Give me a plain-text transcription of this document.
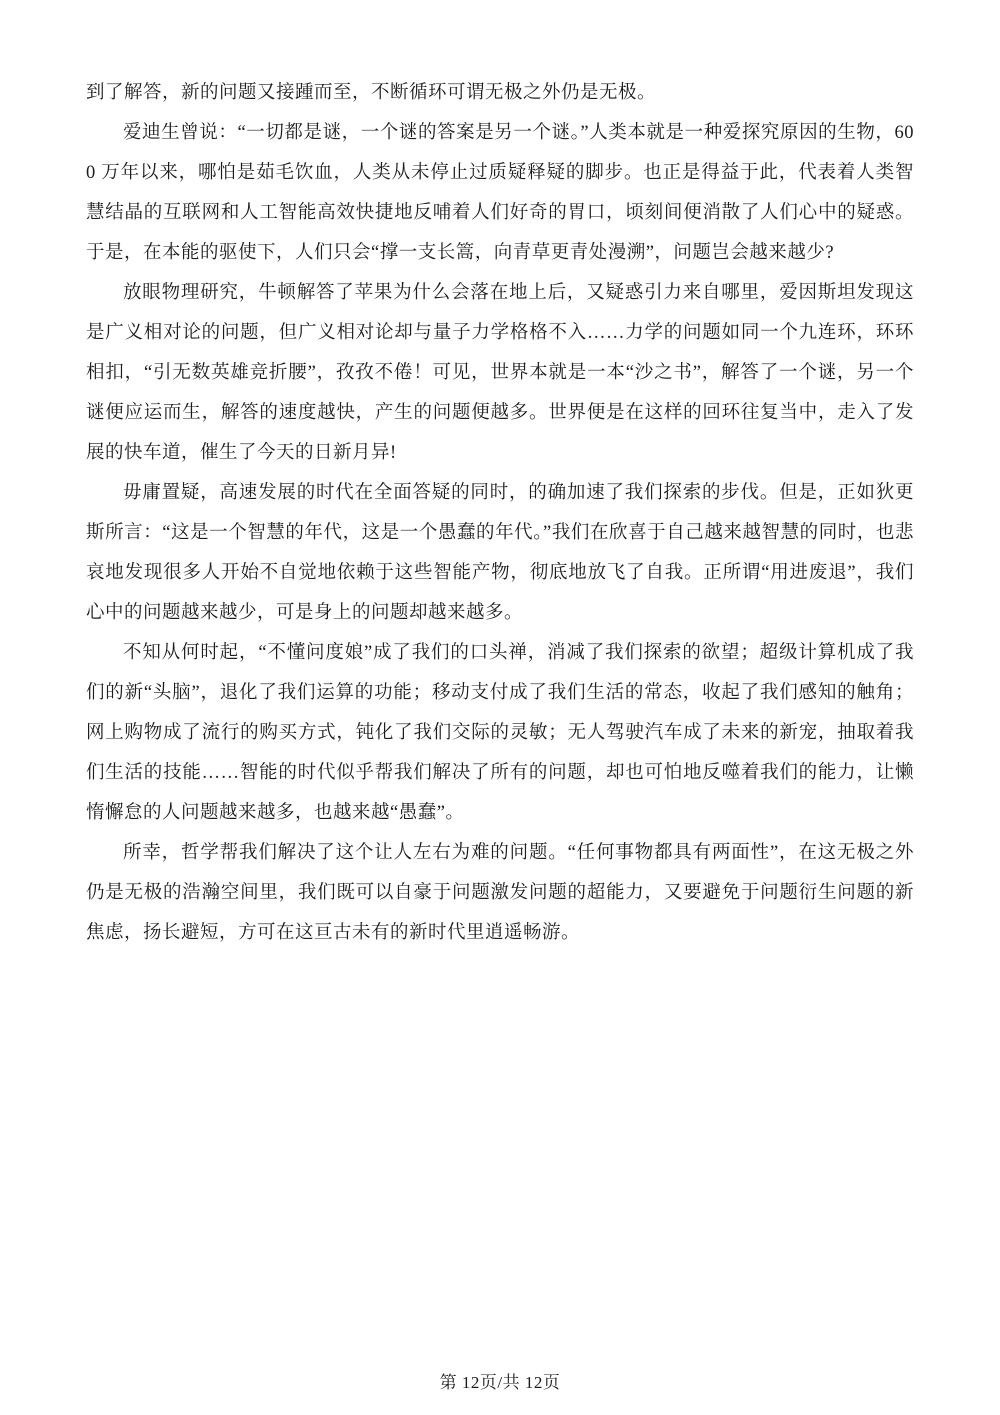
到了解答，新的问题又接踵而至，不断循环可谓无极之外仍是无极。

爱迪生曾说：“一切都是谜，一个谜的答案是另一个谜。”人类本就是一种爱探究原因的生物，600 万年以来，哪怕是茹毛饮血，人类从未停止过质疑释疑的脚步。也正是得益于此，代表着人类智慧结晶的互联网和人工智能高效快捷地反哺着人们好奇的胃口，顷刻间便消散了人们心中的疑惑。于是，在本能的驱使下，人们只会“撑一支长篙，向青草更青处漫溯”，问题岂会越来越少?

放眼物理研究，牛顿解答了苹果为什么会落在地上后，又疑惑引力来自哪里，爱因斯坦发现这是广义相对论的问题，但广义相对论却与量子力学格格不入……力学的问题如同一个九连环，环环相扣，“引无数英雄竞折腰”，孜孜不倦！可见，世界本就是一本“沙之书”，解答了一个谜，另一个谜便应运而生，解答的速度越快，产生的问题便越多。世界便是在这样的回环往复当中，走入了发展的快车道，催生了今天的日新月异!

毋庸置疑，高速发展的时代在全面答疑的同时，的确加速了我们探索的步伐。但是，正如狄更斯所言：“这是一个智慧的年代，这是一个愚蠢的年代。”我们在欣喜于自己越来越智慧的同时，也悲哀地发现很多人开始不自觉地依赖于这些智能产物，彻底地放飞了自我。正所谓“用进废退”，我们心中的问题越来越少，可是身上的问题却越来越多。

不知从何时起，“不懂问度娘”成了我们的口头禅，消减了我们探索的欲望；超级计算机成了我们的新“头脑”，退化了我们运算的功能；移动支付成了我们生活的常态，收起了我们感知的触角；网上购物成了流行的购买方式，钝化了我们交际的灵敏；无人驾驶汽车成了未来的新宠，抽取着我们生活的技能……智能的时代似乎帮我们解决了所有的问题，却也可怕地反噬着我们的能力，让懒惰懈怠的人问题越来越多，也越来越“愚蠢”。

所幸，哲学帮我们解决了这个让人左右为难的问题。“任何事物都具有两面性”，在这无极之外仍是无极的浩瀚空间里，我们既可以自豪于问题激发问题的超能力，又要避免于问题衍生问题的新焦虑，扬长避短，方可在这亘古未有的新时代里逍遥畅游。

第 12页/共 12页
